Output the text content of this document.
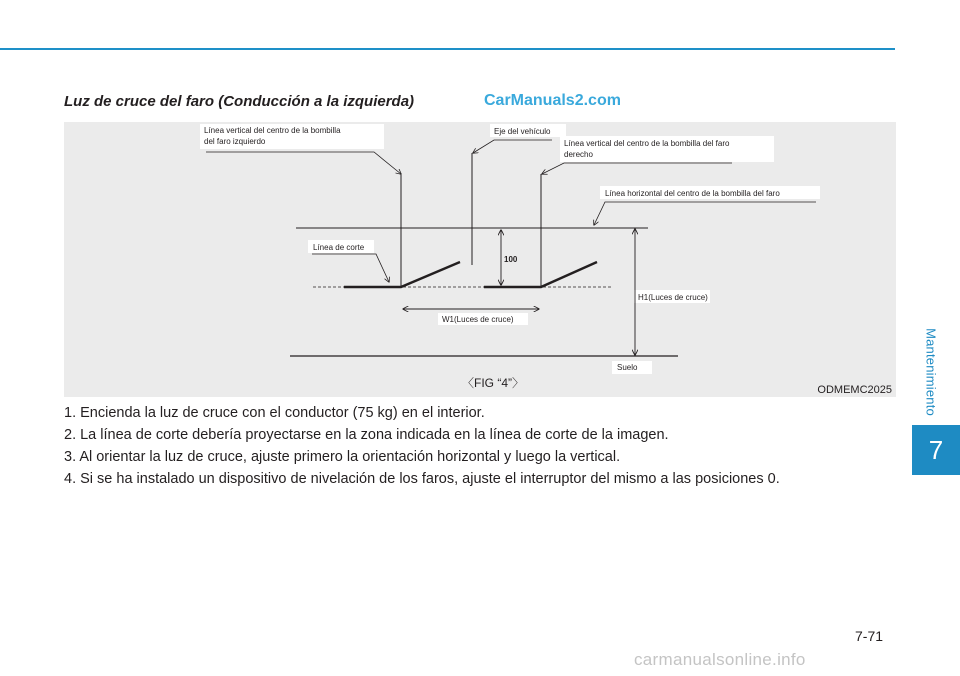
Mantenimiento
7
Luz de cruce del faro (Conducción a la izquierda)	CarManuals2.com
Línea vertical del centro de la bombilla
del faro izquierdo
Eje del vehículo
Línea vertical del centro de la bombilla del faro
derecho
Línea horizontal del centro de la bombilla del faro
Línea de corte
100
H1(Luces de cruce)
W1(Luces de cruce)
Suelo
〈FIG “4”〉	ODMEMC2025
1. Encienda la luz de cruce con el conductor (75 kg) en el interior.
2. La línea de corte debería proyectarse en la zona indicada en la línea de corte de la imagen.
3. Al orientar la luz de cruce, ajuste primero la orientación horizontal y luego la vertical.
4. Si se ha instalado un dispositivo de nivelación de los faros, ajuste el interruptor del mismo a las posiciones 0.
7-71
carmanualsonline.info
